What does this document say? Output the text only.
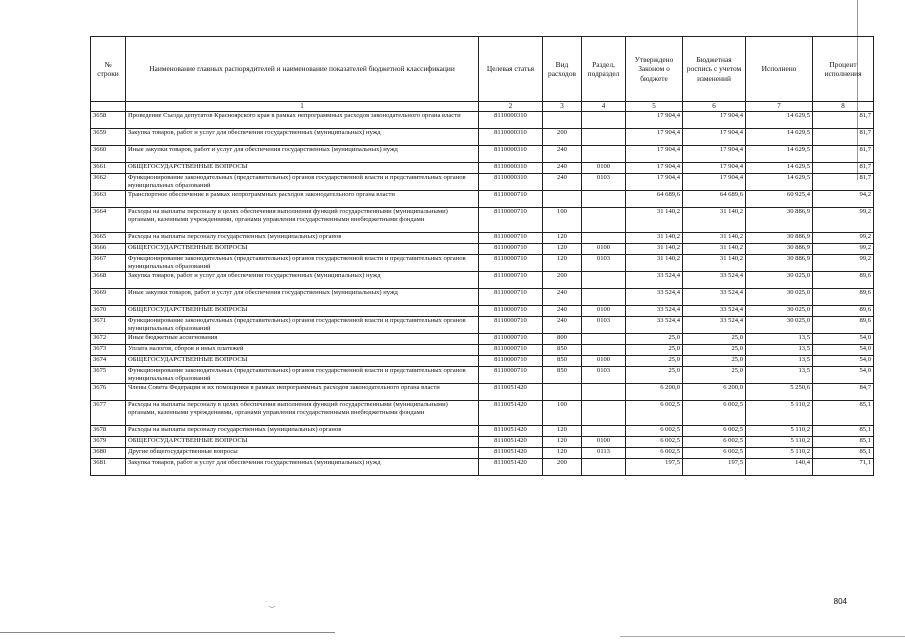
№ строки	Наименование главных распорядителей и наименование показателей бюджетной классификации	Целевая статья	Вид расходов	Раздел, подраздел	Утверждено Законом о бюджете	Бюджетная роспись с учетом изменений	Исполнено	Процент исполнения
	1	2	3	4	5	6	7	8
3658	Проведение Съезда депутатов Красноярского края в рамках непрограммных расходов законодательного органа власти	8110000310			17 904,4	17 904,4	14 629,5	81,7
3659	Закупка товаров, работ и услуг для обеспечения государственных (муниципальных) нужд	8110000310	200		17 904,4	17 904,4	14 629,5	81,7
3660	Иные закупки товаров, работ и услуг для обеспечения государственных (муниципальных) нужд	8110000310	240		17 904,4	17 904,4	14 629,5	81,7
3661	ОБЩЕГОСУДАРСТВЕННЫЕ ВОПРОСЫ	8110000310	240	0100	17 904,4	17 904,4	14 629,5	81,7
3662	Функционирование законодательных (представительных) органов государственной власти и представительных органов муниципальных образований	8110000310	240	0103	17 904,4	17 904,4	14 629,5	81,7
3663	Транспортное обеспечение в рамках непрограммных расходов законодательного органа власти	8110000710			64 689,6	64 689,6	60 925,4	94,2
3664	Расходы на выплаты персоналу в целях обеспечения выполнения функций государственными (муниципальными) органами, казенными учреждениями, органами управления государственными внебюджетными фондами	8110000710	100		31 140,2	31 140,2	30 886,9	99,2
3665	Расходы на выплаты персоналу государственных (муниципальных) органов	8110000710	120		31 140,2	31 140,2	30 886,9	99,2
3666	ОБЩЕГОСУДАРСТВЕННЫЕ ВОПРОСЫ	8110000710	120	0100	31 140,2	31 140,2	30 886,9	99,2
3667	Функционирование законодательных (представительных) органов государственной власти и представительных органов муниципальных образований	8110000710	120	0103	31 140,2	31 140,2	30 886,9	99,2
3668	Закупка товаров, работ и услуг для обеспечения государственных (муниципальных) нужд	8110000710	200		33 524,4	33 524,4	30 025,0	89,6
3669	Иные закупки товаров, работ и услуг для обеспечения государственных (муниципальных) нужд	8110000710	240		33 524,4	33 524,4	30 025,0	89,6
3670	ОБЩЕГОСУДАРСТВЕННЫЕ ВОПРОСЫ	8110000710	240	0100	33 524,4	33 524,4	30 025,0	89,6
3671	Функционирование законодательных (представительных) органов государственной власти и представительных органов муниципальных образований	8110000710	240	0103	33 524,4	33 524,4	30 025,0	89,6
3672	Иные бюджетные ассигнования	8110000710	800		25,0	25,0	13,5	54,0
3673	Уплата налогов, сборов и иных платежей	8110000710	850		25,0	25,0	13,5	54,0
3674	ОБЩЕГОСУДАРСТВЕННЫЕ ВОПРОСЫ	8110000710	850	0100	25,0	25,0	13,5	54,0
3675	Функционирование законодательных (представительных) органов государственной власти и представительных органов муниципальных образований	8110000710	850	0103	25,0	25,0	13,5	54,0
3676	Члены Совета Федерации и их помощники в рамках непрограммных расходов законодательного органа власти	8110051420			6 200,0	6 200,0	5 250,6	84,7
3677	Расходы на выплаты персоналу в целях обеспечения выполнения функций государственными (муниципальными) органами, казенными учреждениями, органами управления государственными внебюджетными фондами	8110051420	100		6 002,5	6 002,5	5 110,2	85,1
3678	Расходы на выплаты персоналу государственных (муниципальных) органов	8110051420	120		6 002,5	6 002,5	5 110,2	85,1
3679	ОБЩЕГОСУДАРСТВЕННЫЕ ВОПРОСЫ	8110051420	120	0100	6 002,5	6 002,5	5 110,2	85,1
3680	Другие общегосударственные вопросы	8110051420	120	0113	6 002,5	6 002,5	5 110,2	85,1
3681	Закупка товаров, работ и услуг для обеспечения государственных (муниципальных) нужд	8110051420	200		197,5	197,5	140,4	71,1
˙ ‿	804
